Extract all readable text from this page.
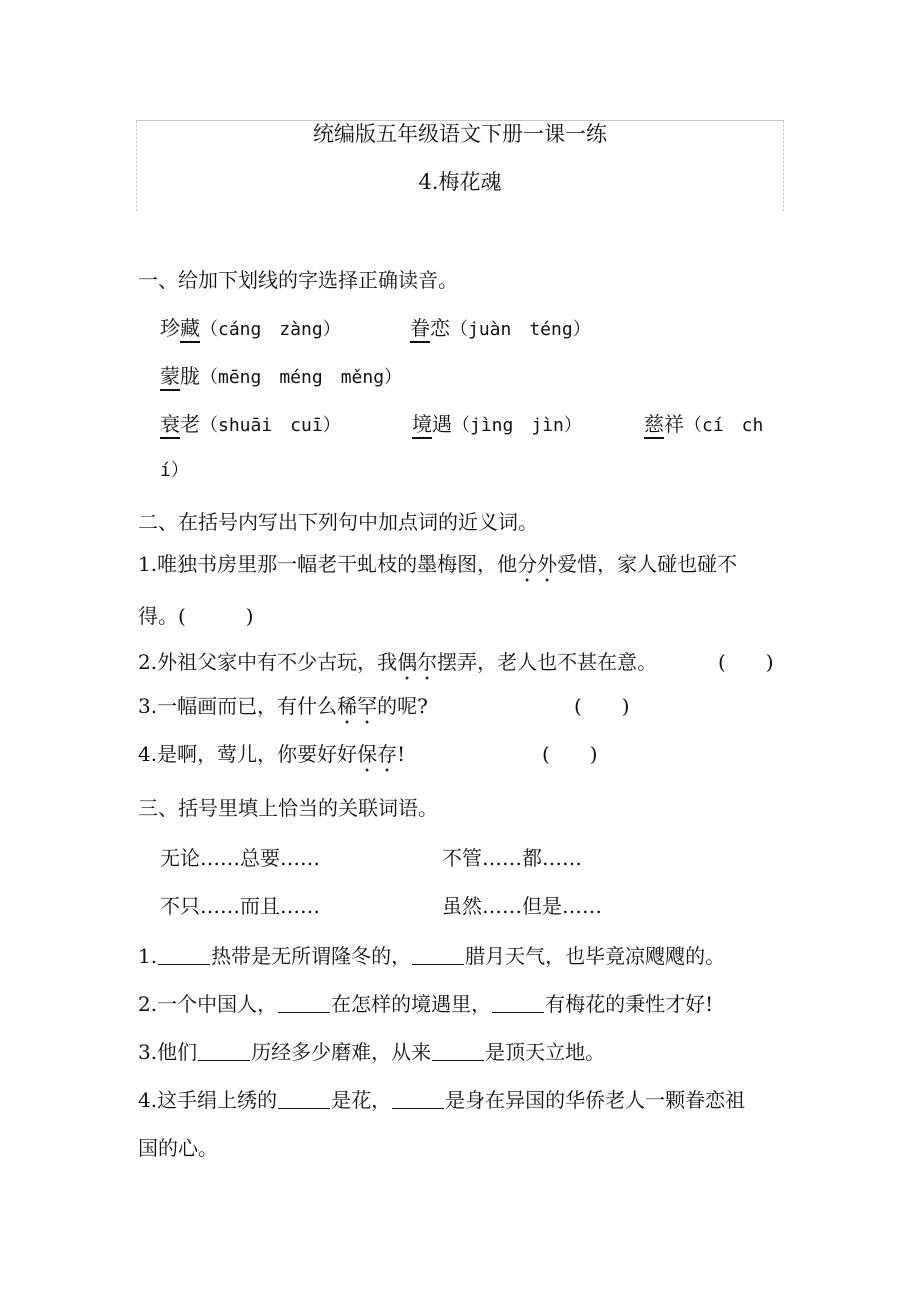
统编版五年级语文下册一课一练
4.梅花魂
一、给加下划线的字选择正确读音。
珍藏（cáng　zàng）	眷恋（juàn　téng）
蒙胧（mēng　méng　měng）
衰老（shuāi　cuī）	境遇（jìng　jìn）	慈祥（cí　ch
í）
二、在括号内写出下列句中加点词的近义词。
1.唯独书房里那一幅老干虬枝的墨梅图，他分外爱惜，家人碰也碰不
得。(　　　)
2.外祖父家中有不少古玩，我偶尔摆弄，老人也不甚在意。	(　　)
3.一幅画而已，有什么稀罕的呢?	(　　)
4.是啊，莺儿，你要好好保存!	(　　)
三、括号里填上恰当的关联词语。
无论……总要……	不管……都……
不只……而且……	虽然……但是……
1.	热带是无所谓隆冬的，	腊月天气，也毕竟凉飕飕的。
2.一个中国人，	在怎样的境遇里，	有梅花的秉性才好!
3.他们	历经多少磨难，从来	是顶天立地。
4.这手绢上绣的	是花，	是身在异国的华侨老人一颗眷恋祖
国的心。
